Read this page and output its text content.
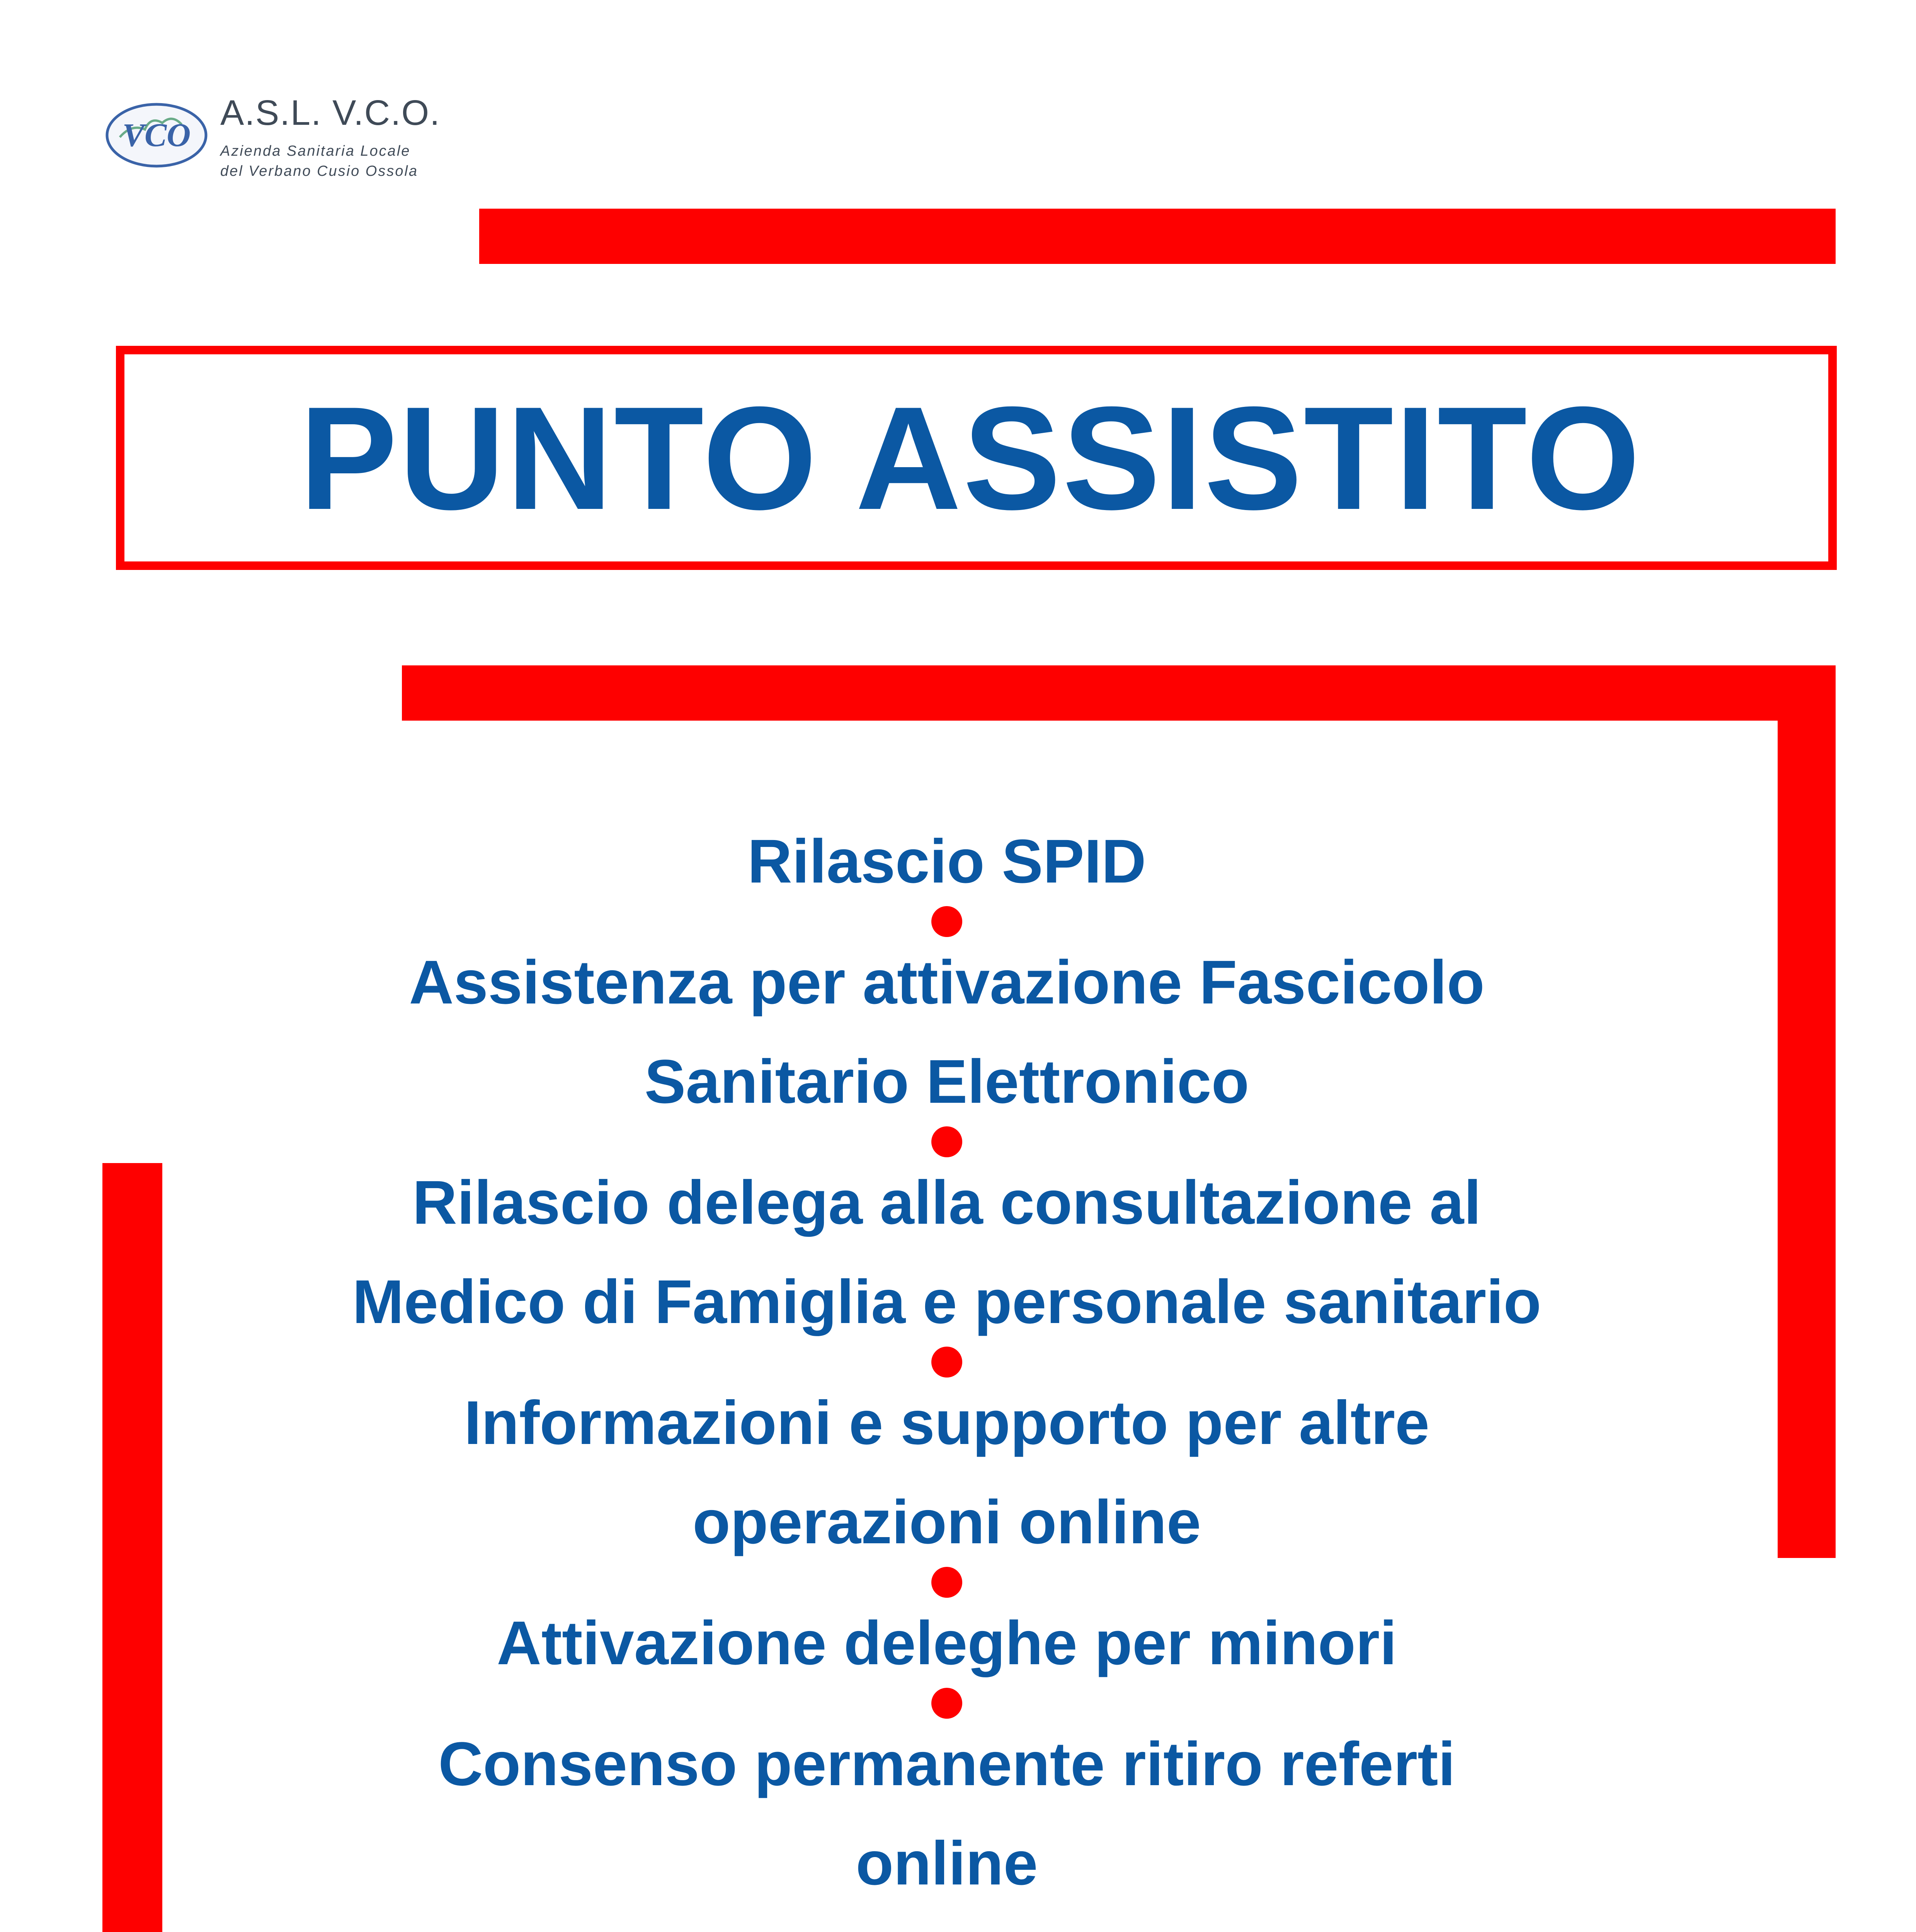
VCO
A.S.L. V.C.O.
Azienda Sanitaria Locale
del Verbano Cusio Ossola
PUNTO ASSISTITO
Rilascio SPID
Assistenza per attivazione Fascicolo
Sanitario Elettronico
Rilascio delega alla consultazione al
Medico di Famiglia e personale sanitario
Informazioni e supporto per altre
operazioni online
Attivazione deleghe per minori
Consenso permanente ritiro referti
online
